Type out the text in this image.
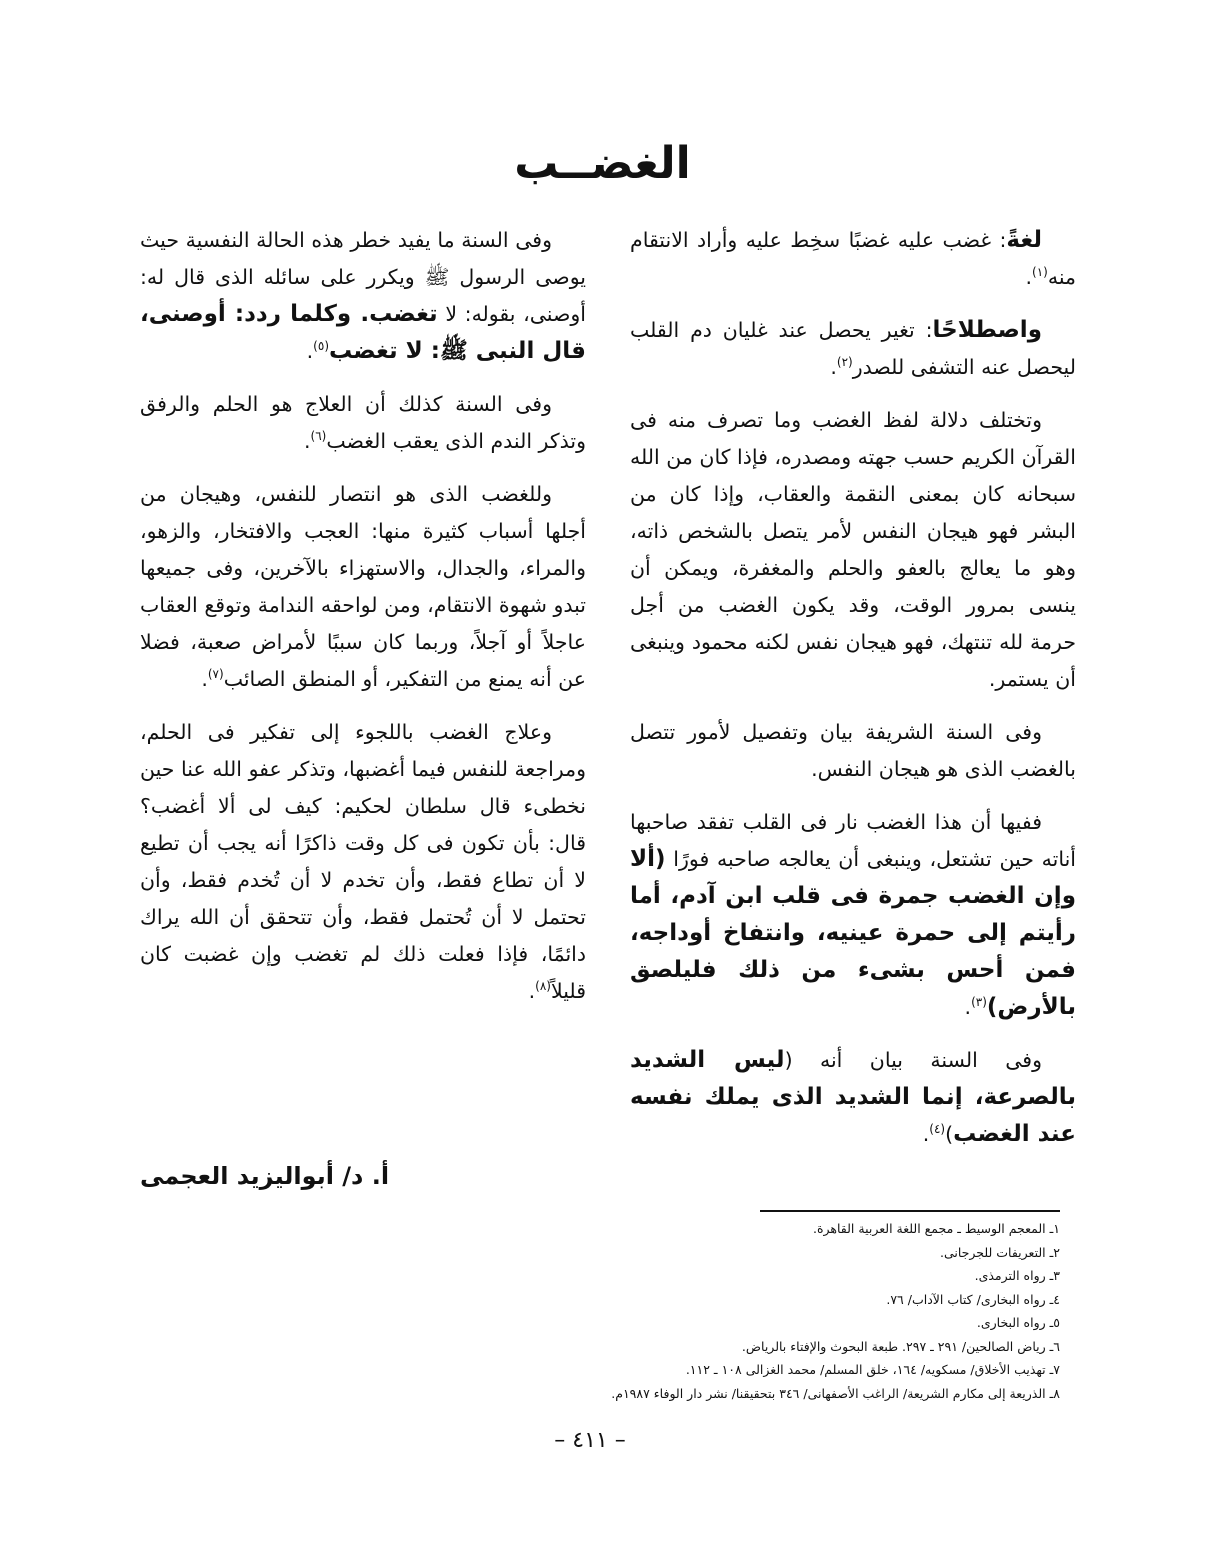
الغضــب

لغةً: غضب عليه غضبًا سخِط عليه وأراد الانتقام منه$^{(١)}$.

واصطلاحًا: تغير يحصل عند غليان دم القلب ليحصل عنه التشفى للصدر$^{(٢)}$.

وتختلف دلالة لفظ الغضب وما تصرف منه فى القرآن الكريم حسب جهته ومصدره، فإذا كان من الله سبحانه كان بمعنى النقمة والعقاب، وإذا كان من البشر فهو هيجان النفس لأمر يتصل بالشخص ذاته، وهو ما يعالج بالعفو والحلم والمغفرة، ويمكن أن ينسى بمرور الوقت، وقد يكون الغضب من أجل حرمة لله تنتهك، فهو هيجان نفس لكنه محمود وينبغى أن يستمر.

وفى السنة الشريفة بيان وتفصيل لأمور تتصل بالغضب الذى هو هيجان النفس.

ففيها أن هذا الغضب نار فى القلب تفقد صاحبها أناته حين تشتعل، وينبغى أن يعالجه صاحبه فورًا (ألا وإن الغضب جمرة فى قلب ابن آدم، أما رأيتم إلى حمرة عينيه، وانتفاخ أوداجه، فمن أحس بشىء من ذلك فليلصق بالأرض)$^{(٣)}$.

وفى السنة بيان أنه (ليس الشديد بالصرعة، إنما الشديد الذى يملك نفسه عند الغضب)$^{(٤)}$.

وفى السنة ما يفيد خطر هذه الحالة النفسية حيث يوصى الرسول ﷺ ويكرر على سائله الذى قال له: أوصنى، بقوله: لا تغضب. وكلما ردد: أوصنى، قال النبى ﷺ: لا تغضب$^{(٥)}$.

وفى السنة كذلك أن العلاج هو الحلم والرفق وتذكر الندم الذى يعقب الغضب$^{(٦)}$.

وللغضب الذى هو انتصار للنفس، وهيجان من أجلها أسباب كثيرة منها: العجب والافتخار، والزهو، والمراء، والجدال، والاستهزاء بالآخرين، وفى جميعها تبدو شهوة الانتقام، ومن لواحقه الندامة وتوقع العقاب عاجلاً أو آجلاً، وربما كان سببًا لأمراض صعبة، فضلا عن أنه يمنع من التفكير، أو المنطق الصائب$^{(٧)}$.

وعلاج الغضب باللجوء إلى تفكير فى الحلم، ومراجعة للنفس فيما أغضبها، وتذكر عفو الله عنا حين نخطىء قال سلطان لحكيم: كيف لى ألا أغضب؟ قال: بأن تكون فى كل وقت ذاكرًا أنه يجب أن تطيع لا أن تطاع فقط، وأن تخدم لا أن تُخدم فقط، وأن تحتمل لا أن تُحتمل فقط، وأن تتحقق أن الله يراك دائمًا، فإذا فعلت ذلك لم تغضب وإن غضبت كان قليلاً$^{(٨)}$.

أ. د/ أبواليزيد العجمى
١ـ المعجم الوسيط ـ مجمع اللغة العربية القاهرة.
٢ـ التعريفات للجرجانى.
٣ـ رواه الترمذى.
٤ـ رواه البخارى/ كتاب الآداب/ ٧٦.
٥ـ رواه البخارى.
٦ـ رياض الصالحين/ ٢٩١ ـ ٢٩٧. طبعة البحوث والإفتاء بالرياض.
٧ـ تهذيب الأخلاق/ مسكويه/ ١٦٤، خلق المسلم/ محمد الغزالى ١٠٨ ـ ١١٢.
٨ـ الذريعة إلى مكارم الشريعة/ الراغب الأصفهانى/ ٣٤٦ بتحقيقنا/ نشر دار الوفاء ١٩٨٧م.
– ٤١١ –
